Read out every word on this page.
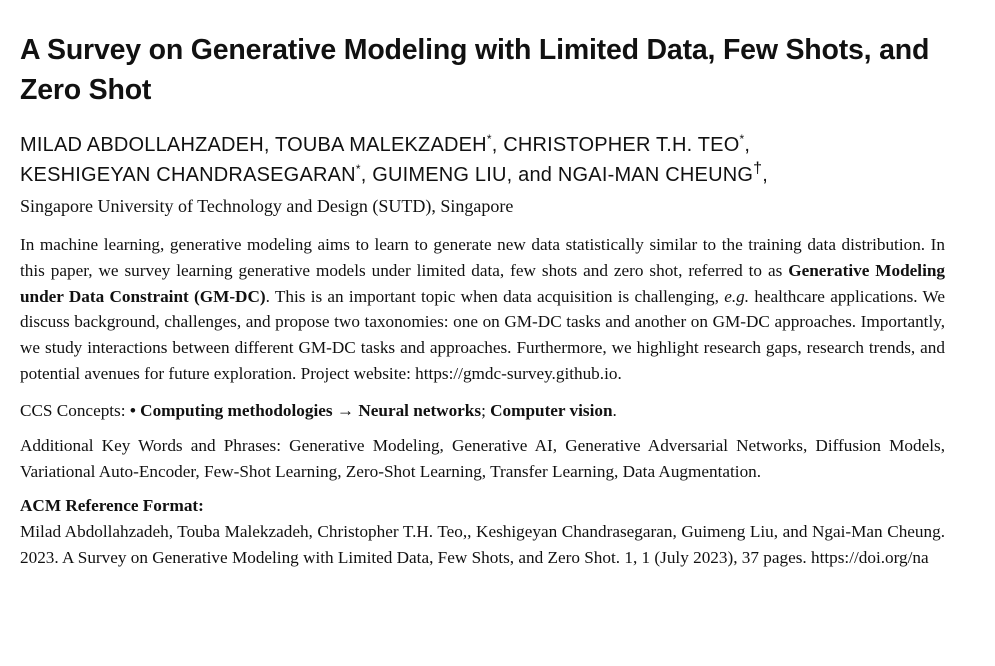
A Survey on Generative Modeling with Limited Data, Few Shots, and Zero Shot
MILAD ABDOLLAHZADEH, TOUBA MALEKZADEH*, CHRISTOPHER T.H. TEO*,
KESHIGEYAN CHANDRASEGARAN*, GUIMENG LIU, and NGAI-MAN CHEUNG†,

Singapore University of Technology and Design (SUTD), Singapore

In machine learning, generative modeling aims to learn to generate new data statistically similar to the training data distribution. In this paper, we survey learning generative models under limited data, few shots and zero shot, referred to as Generative Modeling under Data Constraint (GM-DC). This is an important topic when data acquisition is challenging, e.g. healthcare applications. We discuss background, challenges, and propose two taxonomies: one on GM-DC tasks and another on GM-DC approaches. Importantly, we study interactions between different GM-DC tasks and approaches. Furthermore, we highlight research gaps, research trends, and potential avenues for future exploration. Project website: https://gmdc-survey.github.io.

CCS Concepts: • Computing methodologies → Neural networks; Computer vision.

Additional Key Words and Phrases: Generative Modeling, Generative AI, Generative Adversarial Networks, Diffusion Models, Variational Auto-Encoder, Few-Shot Learning, Zero-Shot Learning, Transfer Learning, Data Augmentation.

ACM Reference Format:

Milad Abdollahzadeh, Touba Malekzadeh, Christopher T.H. Teo,, Keshigeyan Chandrasegaran, Guimeng Liu, and Ngai-Man Cheung. 2023. A Survey on Generative Modeling with Limited Data, Few Shots, and Zero Shot. 1, 1 (July 2023), 37 pages. https://doi.org/na
